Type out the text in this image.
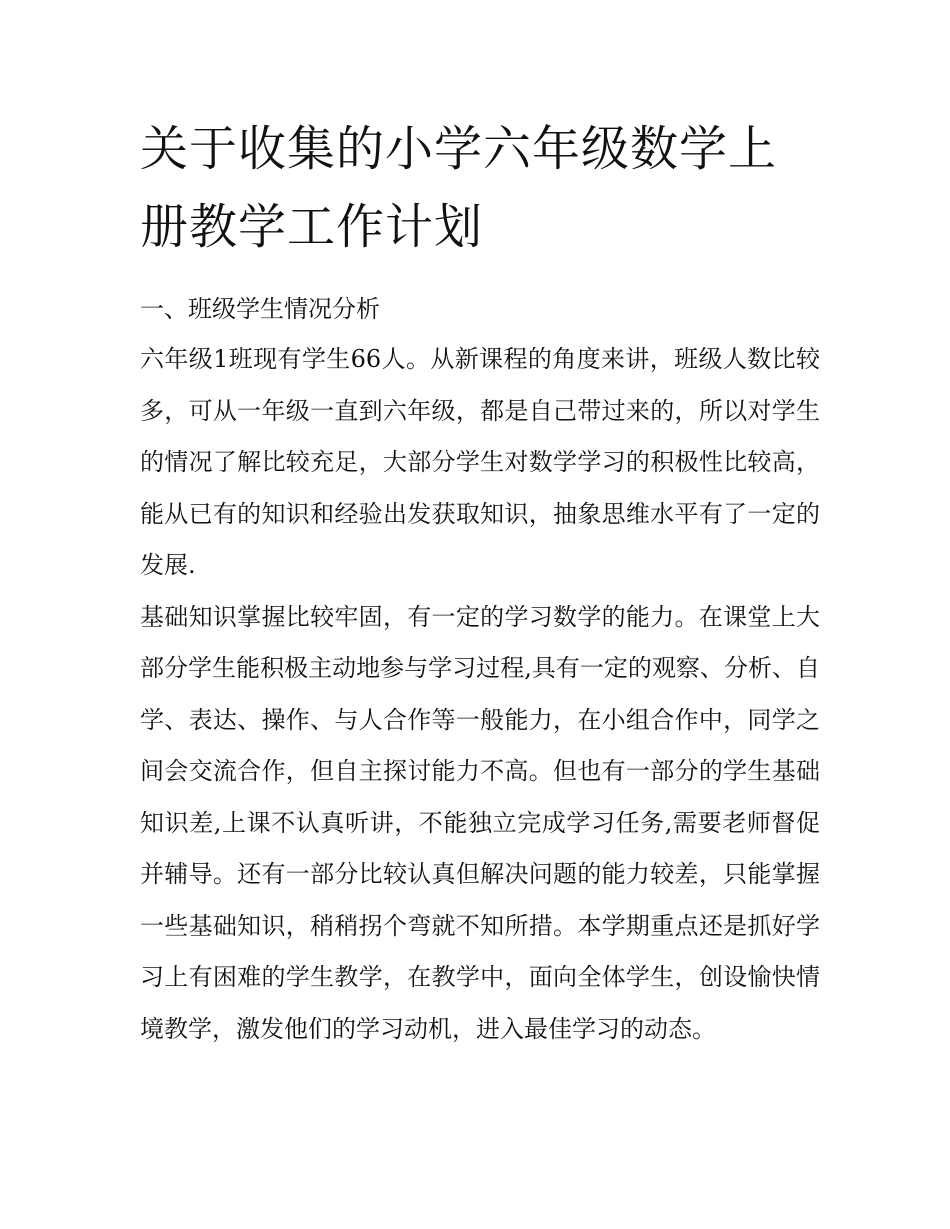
关于收集的小学六年级数学上册教学工作计划
一、班级学生情况分析

六年级1班现有学生66人。从新课程的角度来讲，班级人数比较多，可从一年级一直到六年级，都是自己带过来的，所以对学生的情况了解比较充足，大部分学生对数学学习的积极性比较高，能从已有的知识和经验出发获取知识，抽象思维水平有了一定的发展.

基础知识掌握比较牢固，有一定的学习数学的能力。在课堂上大部分学生能积极主动地参与学习过程,具有一定的观察、分析、自学、表达、操作、与人合作等一般能力，在小组合作中，同学之间会交流合作，但自主探讨能力不高。但也有一部分的学生基础知识差,上课不认真听讲，不能独立完成学习任务,需要老师督促并辅导。还有一部分比较认真但解决问题的能力较差，只能掌握一些基础知识，稍稍拐个弯就不知所措。本学期重点还是抓好学习上有困难的学生教学，在教学中，面向全体学生，创设愉快情境教学，激发他们的学习动机，进入最佳学习的动态。
